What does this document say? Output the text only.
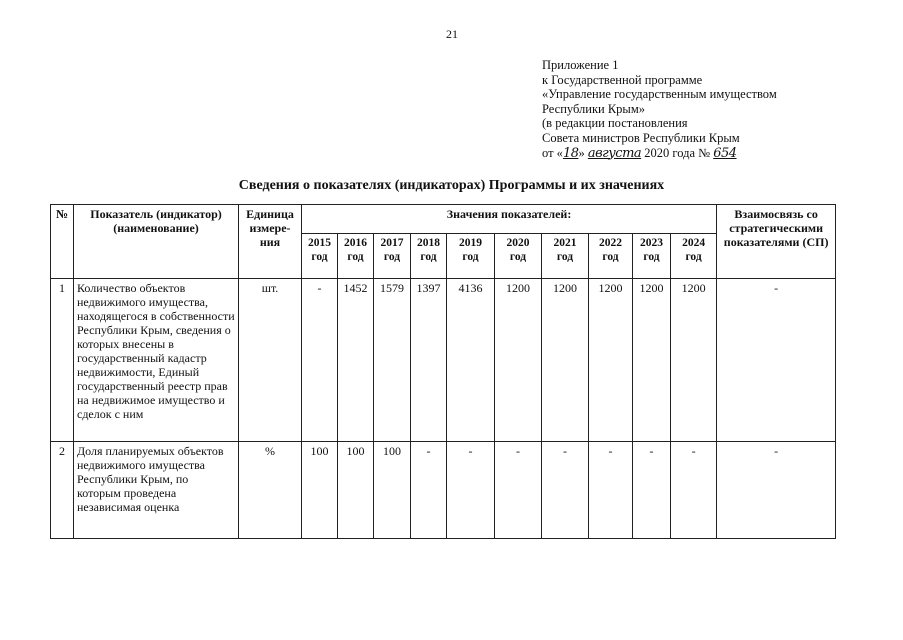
21
Приложение 1
к Государственной программе
«Управление государственным имуществом
Республики Крым»
(в редакции постановления
Совета министров Республики Крым
от «18» августа 2020 года № 654
Сведения о показателях (индикаторах) Программы и их значениях
№	Показатель (индикатор) (наименование)	Единица измере-ния	Значения показателей:										Взаимосвязь со стратегическими показателями (СП)
			2015 год	2016 год	2017 год	2018 год	2019 год	2020 год	2021 год	2022 год	2023 год	2024 год	
1	Количество объектов недвижимого имущества, находящегося в собственности Республики Крым, сведения о которых внесены в государственный кадастр недвижимости, Единый государственный реестр прав на недвижимое имущество и сделок с ним	шт.	-	1452	1579	1397	4136	1200	1200	1200	1200	1200	-
2	Доля планируемых объектов недвижимого имущества Республики Крым, по которым проведена независимая оценка	%	100	100	100	-	-	-	-	-	-	-	-
